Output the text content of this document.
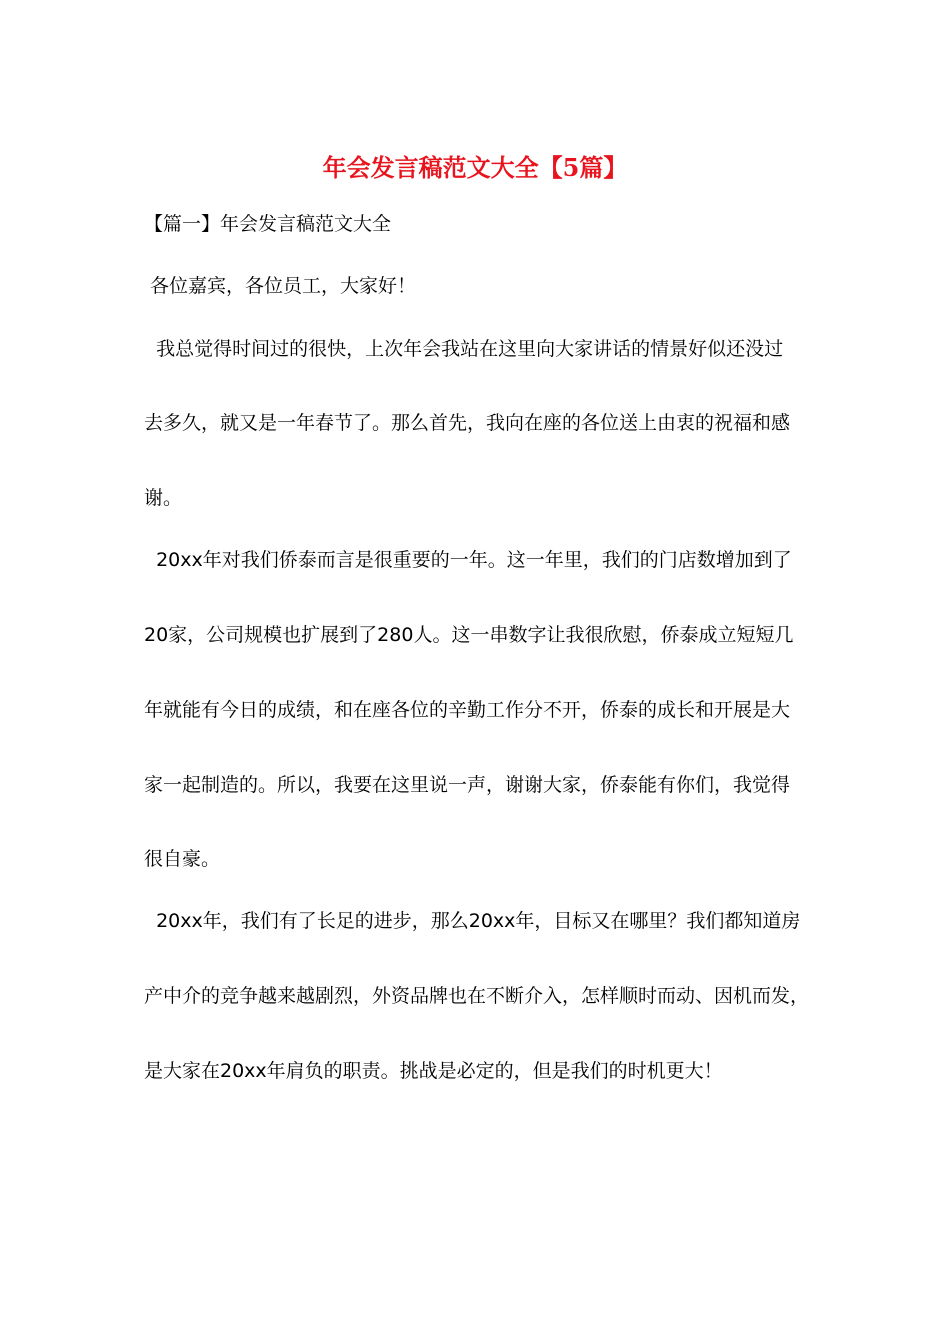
年会发言稿范文大全【5篇】
【篇一】年会发言稿范文大全
各位嘉宾，各位员工，大家好！
我总觉得时间过的很快，上次年会我站在这里向大家讲话的情景好似还没过
去多久，就又是一年春节了。那么首先，我向在座的各位送上由衷的祝福和感
谢。
20xx年对我们侨泰而言是很重要的一年。这一年里，我们的门店数增加到了
20家，公司规模也扩展到了280人。这一串数字让我很欣慰，侨泰成立短短几
年就能有今日的成绩，和在座各位的辛勤工作分不开，侨泰的成长和开展是大
家一起制造的。所以，我要在这里说一声，谢谢大家，侨泰能有你们，我觉得
很自豪。
20xx年，我们有了长足的进步，那么20xx年，目标又在哪里？我们都知道房
产中介的竞争越来越剧烈，外资品牌也在不断介入，怎样顺时而动、因机而发，
是大家在20xx年肩负的职责。挑战是必定的，但是我们的时机更大！
